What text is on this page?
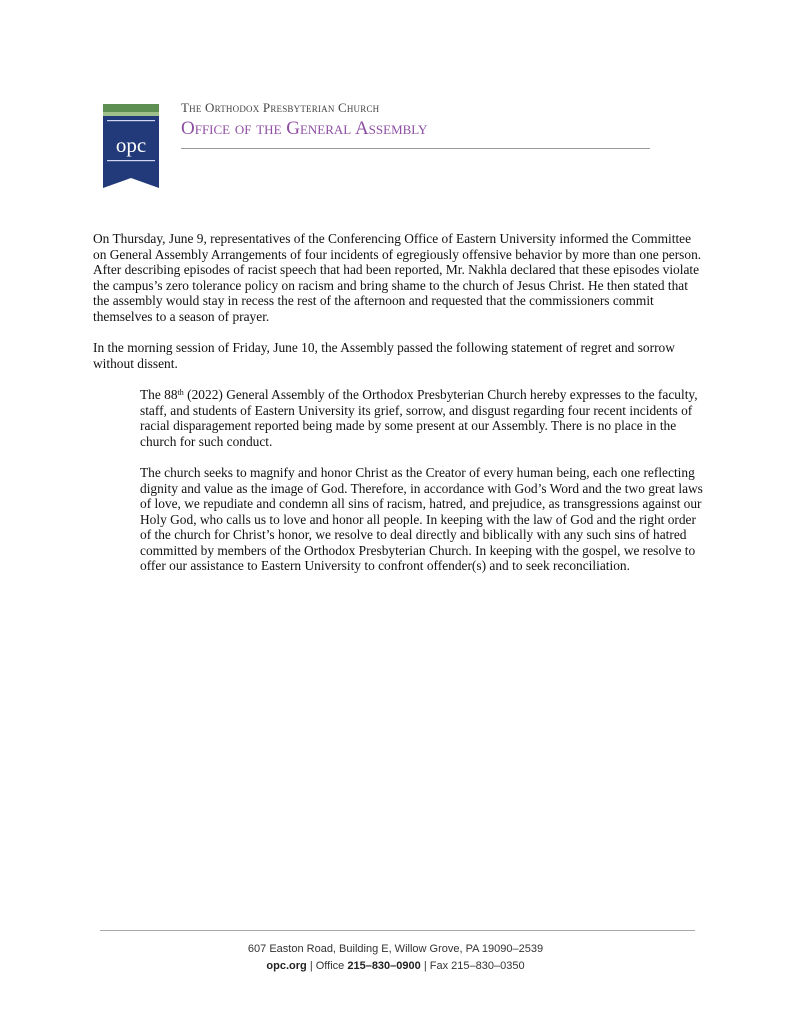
opc
The Orthodox Presbyterian Church
Office of the General Assembly

On Thursday, June 9, representatives of the Conferencing Office of Eastern University informed the Committee on General Assembly Arrangements of four incidents of egregiously offensive behavior by more than one person. After describing episodes of racist speech that had been reported, Mr. Nakhla declared that these episodes violate the campus’s zero tolerance policy on racism and bring shame to the church of Jesus Christ. He then stated that the assembly would stay in recess the rest of the afternoon and requested that the commissioners commit themselves to a season of prayer.

In the morning session of Friday, June 10, the Assembly passed the following statement of regret and sorrow without dissent.

The 88th (2022) General Assembly of the Orthodox Presbyterian Church hereby expresses to the faculty, staff, and students of Eastern University its grief, sorrow, and disgust regarding four recent incidents of racial disparagement reported being made by some present at our Assembly. There is no place in the church for such conduct.

The church seeks to magnify and honor Christ as the Creator of every human being, each one reflecting dignity and value as the image of God. Therefore, in accordance with God’s Word and the two great laws of love, we repudiate and condemn all sins of racism, hatred, and prejudice, as transgressions against our Holy God, who calls us to love and honor all people. In keeping with the law of God and the right order of the church for Christ’s honor, we resolve to deal directly and biblically with any such sins of hatred committed by members of the Orthodox Presbyterian Church. In keeping with the gospel, we resolve to offer our assistance to Eastern University to confront offender(s) and to seek reconciliation.

607 Easton Road, Building E, Willow Grove, PA 19090–2539
opc.org | Office 215–830–0900 | Fax 215–830–0350
